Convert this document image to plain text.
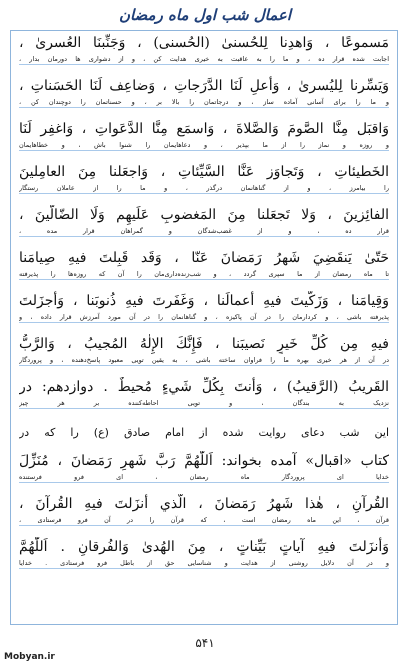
اعمال شب اول ماه رمضان
مَسموعًا ، وَاهدِنا لِلحُسنىٰ (الحُسنى) ، وَجَنِّبنَا العُسرىٰ ،
اجابت شده قرار ده ، و ما را به عاقبت به خیری هدایت کن ، و از دشواری ها دورمان بدار ،
وَيَسِّرنا لِليُسرىٰ ، وَأَعلِ لَنَا الدَّرَجاتِ ، وَضاعِف لَنَا الحَسَناتِ ،
و ما را برای آسانی آماده ساز ، و درجاتمان را بالا بر ، و حسناتمان را دوچندان کن ،
وَاقبَل مِنَّا الصَّومَ وَالصَّلاةَ ، وَاسمَع مِنَّا الدَّعَواتِ ، وَاغفِر لَنَا
و روزه و نماز را از ما بپذیر ، و دعاهایمان را شنوا باش ، و خطاهایمان
الخَطيئاتِ ، وَتَجاوَز عَنَّا السَّيِّئاتِ ، وَاجعَلنا مِنَ العامِلينَ
را بیامرز ، و از گناهانمان درگذر ، و ما را از عاملان رستگار
الفائِزينَ ، وَلا تَجعَلنا مِنَ المَغضوبِ عَلَيهِم وَلَا الضّالّينَ ،
قرار ده ، و از غضب‌شدگان و گمراهان قرار مده ،
حَتّىٰ يَنقَضِيَ شَهرُ رَمَضانَ عَنّا ، وَقَد قَبِلتَ فيهِ صِيامَنا
تا ماه رمضان از ما سپری گردد ، و شب‌زنده‌داری‌مان را آن که روزه‌ها را پذیرفته
وَقِيامَنا ، وَزَكَّيتَ فيهِ أَعمالَنا ، وَغَفَرتَ فيهِ ذُنوبَنا ، وَأَجزَلتَ
پذیرفته باشی ، و کردارمان را در آن پاکیزه ، و گناهانمان را در آن مورد آمرزش قرار داده ، و
فيهِ مِن كُلِّ خَيرٍ نَصيبَنا ، فَإِنَّكَ الإِلٰهُ المُجيبُ ، وَالرَّبُّ
در آن از هر خیری بهره ما را فراوان ساخته باشی ، به یقین تویی معبود پاسخ‌دهنده ، و پروردگار
القَريبُ (الرَّقيبُ) ، وَأَنتَ بِكُلِّ شَيءٍ مُحيطٌ . دوازدهم: در
نزدیک به بندگان ، و تویی احاطه‌کننده بر هر چیز
این شب دعای روایت شده از امام صادق (ع) را که در
كتاب «اقبال» آمده بخواند: اَللّٰهُمَّ رَبَّ شَهرِ رَمَضانَ ، مُنَزِّلَ
خدایا ای پروردگار ماه رمضان ، ای فرو فرستنده
القُرآنِ ، هٰذا شَهرُ رَمَضانَ ، الَّذي أَنزَلتَ فيهِ القُرآنَ ،
قرآن ، این ماه رمضان است ، که قرآن را در آن فرو فرستادی ،
وَأَنزَلتَ فيهِ آياتٍ بَيِّناتٍ ، مِنَ الهُدىٰ وَالفُرقانِ . اَللّٰهُمَّ
و در آن دلایل روشنی از هدایت و شناسایی حق از باطل فرو فرستادی . خدایا
۵۴۱
Mobyan.ir
